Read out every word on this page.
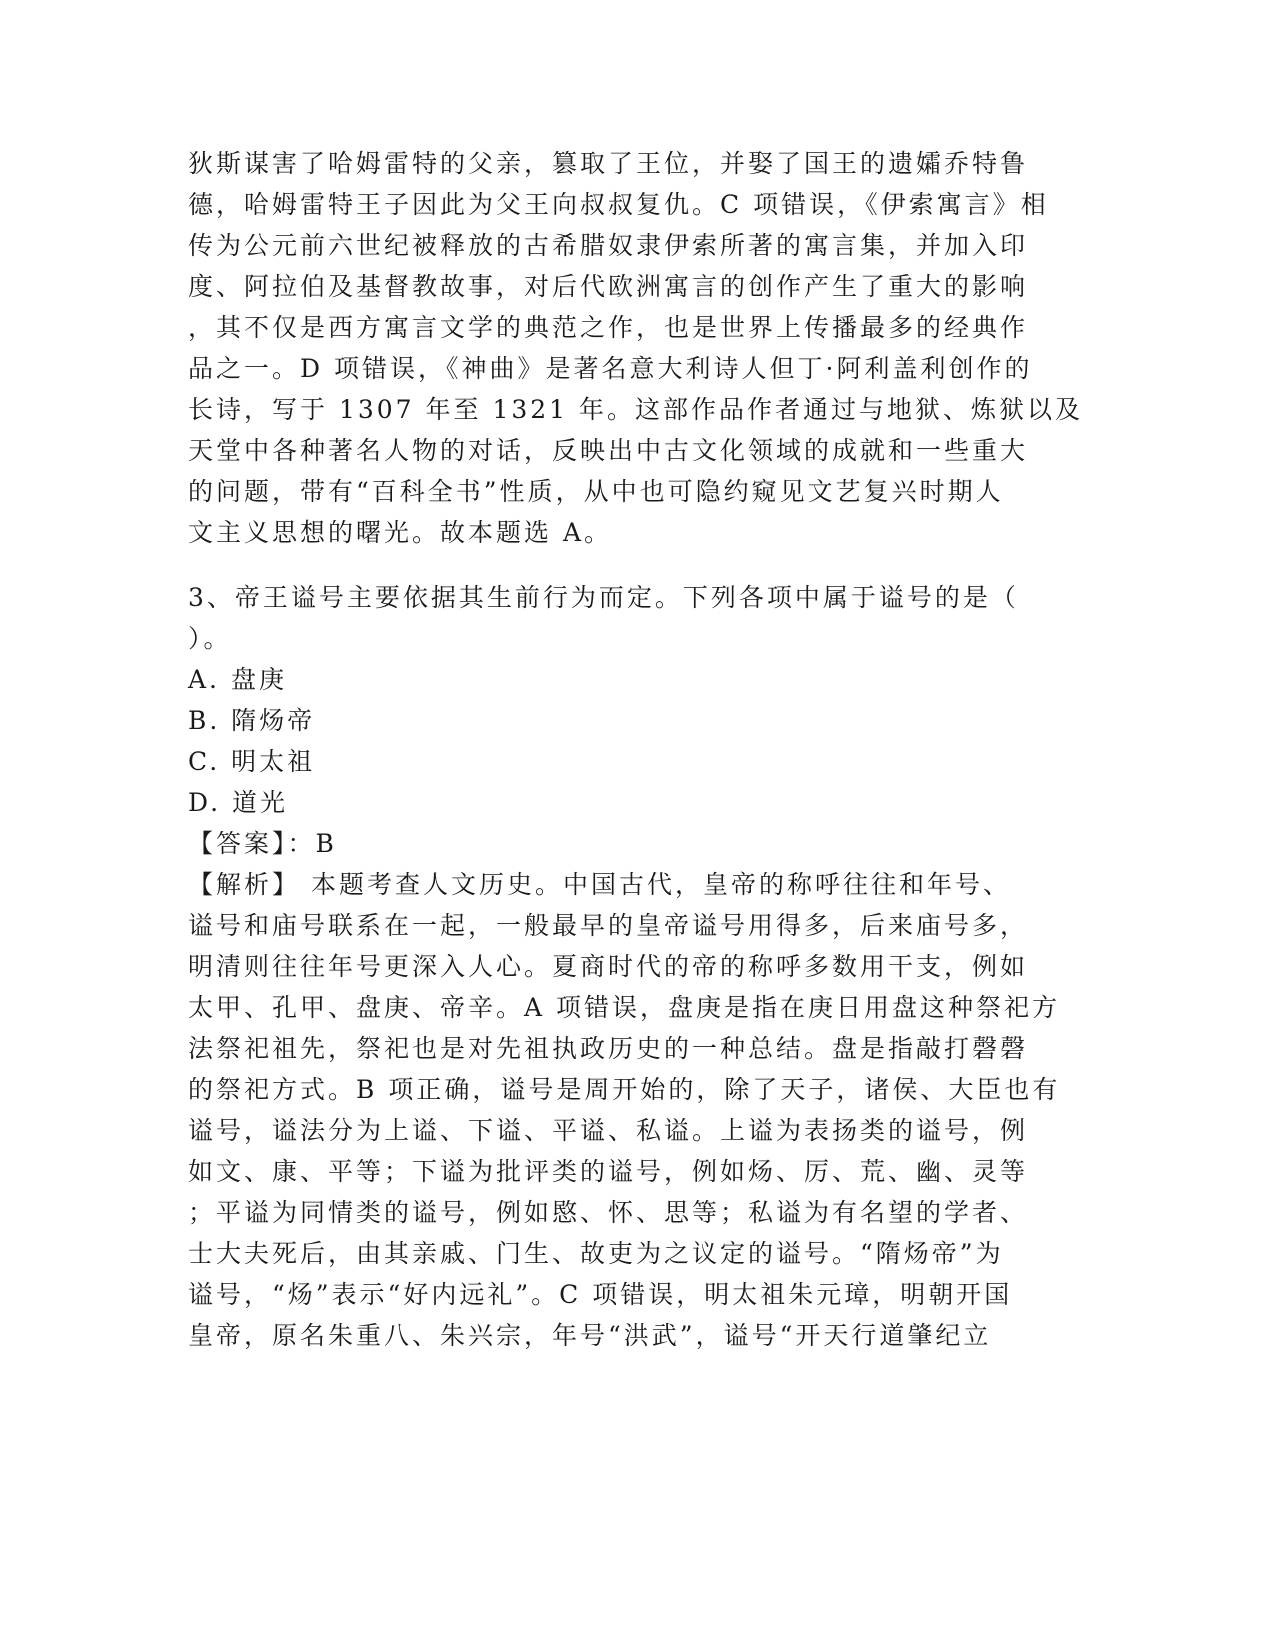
狄斯谋害了哈姆雷特的父亲，篡取了王位，并娶了国王的遗孀乔特鲁
德，哈姆雷特王子因此为父王向叔叔复仇。C 项错误，《伊索寓言》相
传为公元前六世纪被释放的古希腊奴隶伊索所著的寓言集，并加入印
度、阿拉伯及基督教故事，对后代欧洲寓言的创作产生了重大的影响
，其不仅是西方寓言文学的典范之作，也是世界上传播最多的经典作
品之一。D 项错误，《神曲》是著名意大利诗人但丁·阿利盖利创作的
长诗，写于 1307 年至 1321 年。这部作品作者通过与地狱、炼狱以及
天堂中各种著名人物的对话，反映出中古文化领域的成就和一些重大
的问题，带有“百科全书”性质，从中也可隐约窥见文艺复兴时期人
文主义思想的曙光。故本题选 A。
3、帝王谥号主要依据其生前行为而定。下列各项中属于谥号的是（
）。
A. 盘庚
B. 隋炀帝
C. 明太祖
D. 道光
【答案】：B
【解析】 本题考查人文历史。中国古代，皇帝的称呼往往和年号、
谥号和庙号联系在一起，一般最早的皇帝谥号用得多，后来庙号多，
明清则往往年号更深入人心。夏商时代的帝的称呼多数用干支，例如
太甲、孔甲、盘庚、帝辛。A 项错误，盘庚是指在庚日用盘这种祭祀方
法祭祀祖先，祭祀也是对先祖执政历史的一种总结。盘是指敲打磬磬
的祭祀方式。B 项正确，谥号是周开始的，除了天子，诸侯、大臣也有
谥号，谥法分为上谥、下谥、平谥、私谥。上谥为表扬类的谥号，例
如文、康、平等；下谥为批评类的谥号，例如炀、厉、荒、幽、灵等
；平谥为同情类的谥号，例如愍、怀、思等；私谥为有名望的学者、
士大夫死后，由其亲戚、门生、故吏为之议定的谥号。“隋炀帝”为
谥号，“炀”表示“好内远礼”。C 项错误，明太祖朱元璋，明朝开国
皇帝，原名朱重八、朱兴宗，年号“洪武”，谥号“开天行道肇纪立
